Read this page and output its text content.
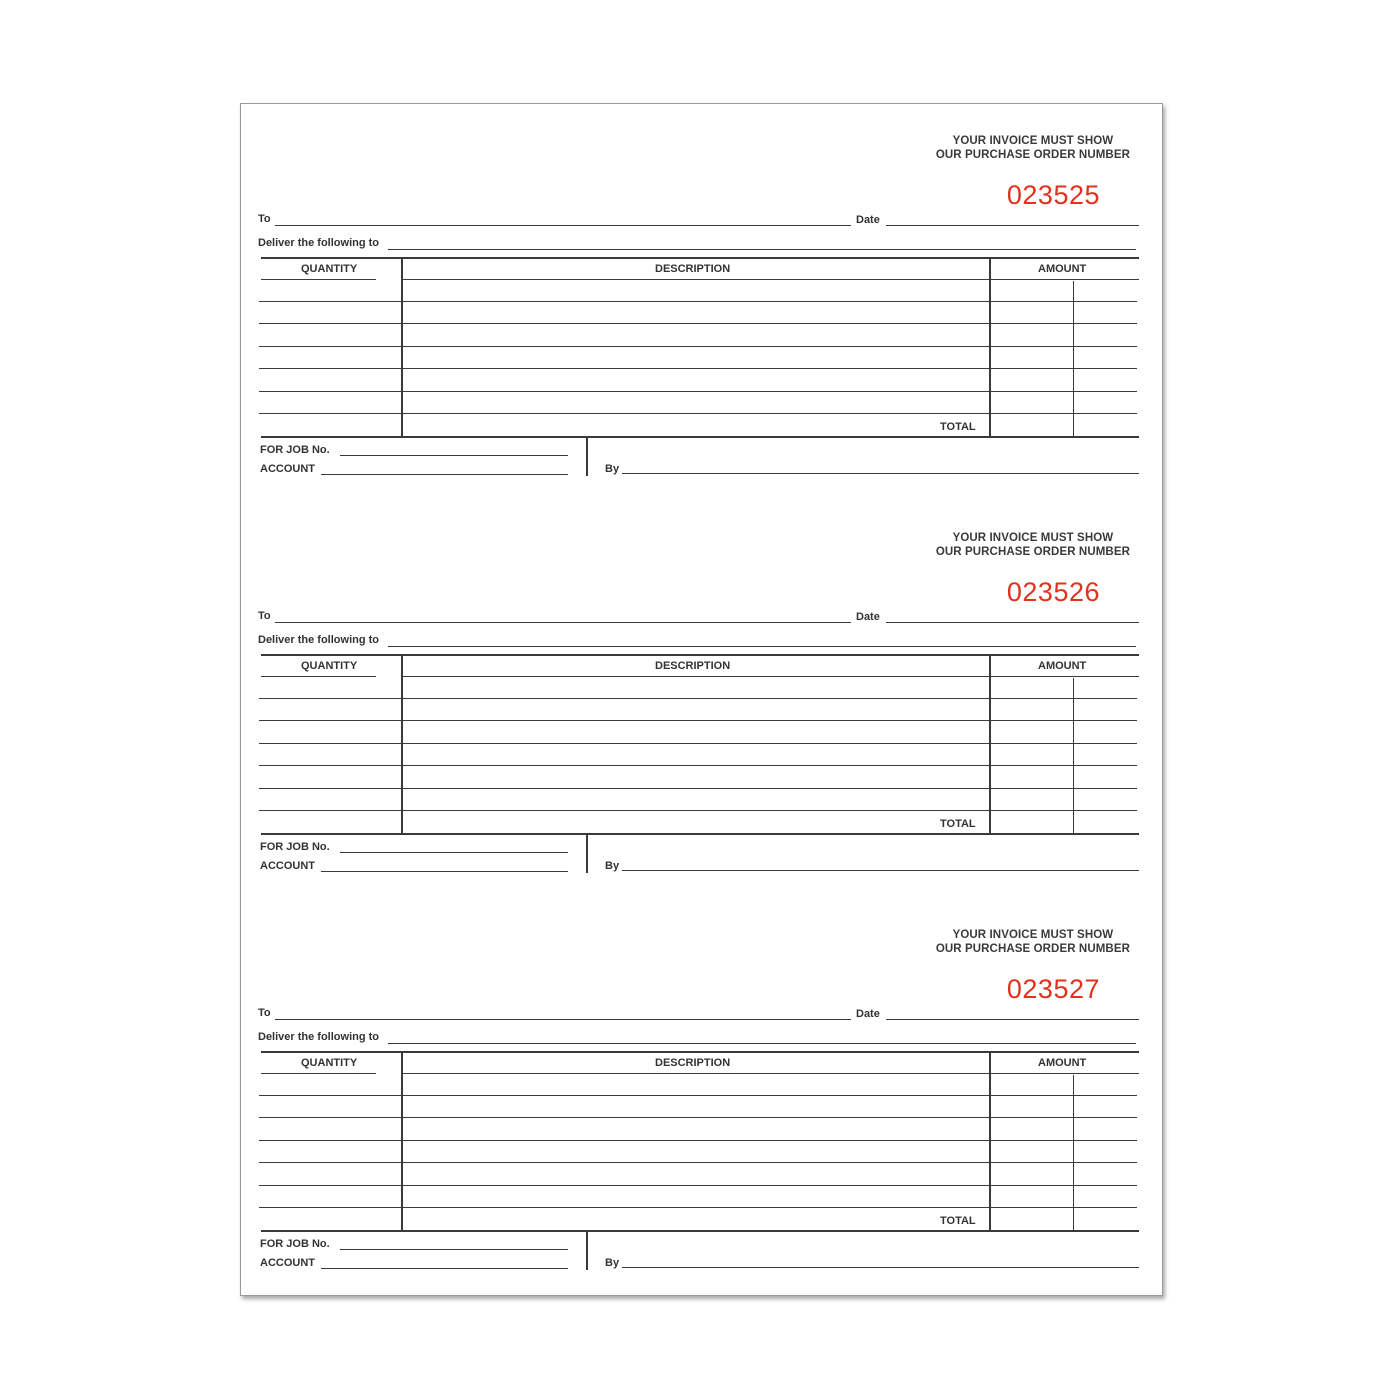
YOUR INVOICE MUST SHOW
OUR PURCHASE ORDER NUMBER
023525
To	Date
Deliver the following to
QUANTITY	DESCRIPTION	AMOUNT
TOTAL
FOR JOB No.
ACCOUNT	By
YOUR INVOICE MUST SHOW
OUR PURCHASE ORDER NUMBER
023526
To	Date
Deliver the following to
QUANTITY	DESCRIPTION	AMOUNT
TOTAL
FOR JOB No.
ACCOUNT	By
YOUR INVOICE MUST SHOW
OUR PURCHASE ORDER NUMBER
023527
To	Date
Deliver the following to
QUANTITY	DESCRIPTION	AMOUNT
TOTAL
FOR JOB No.
ACCOUNT	By
